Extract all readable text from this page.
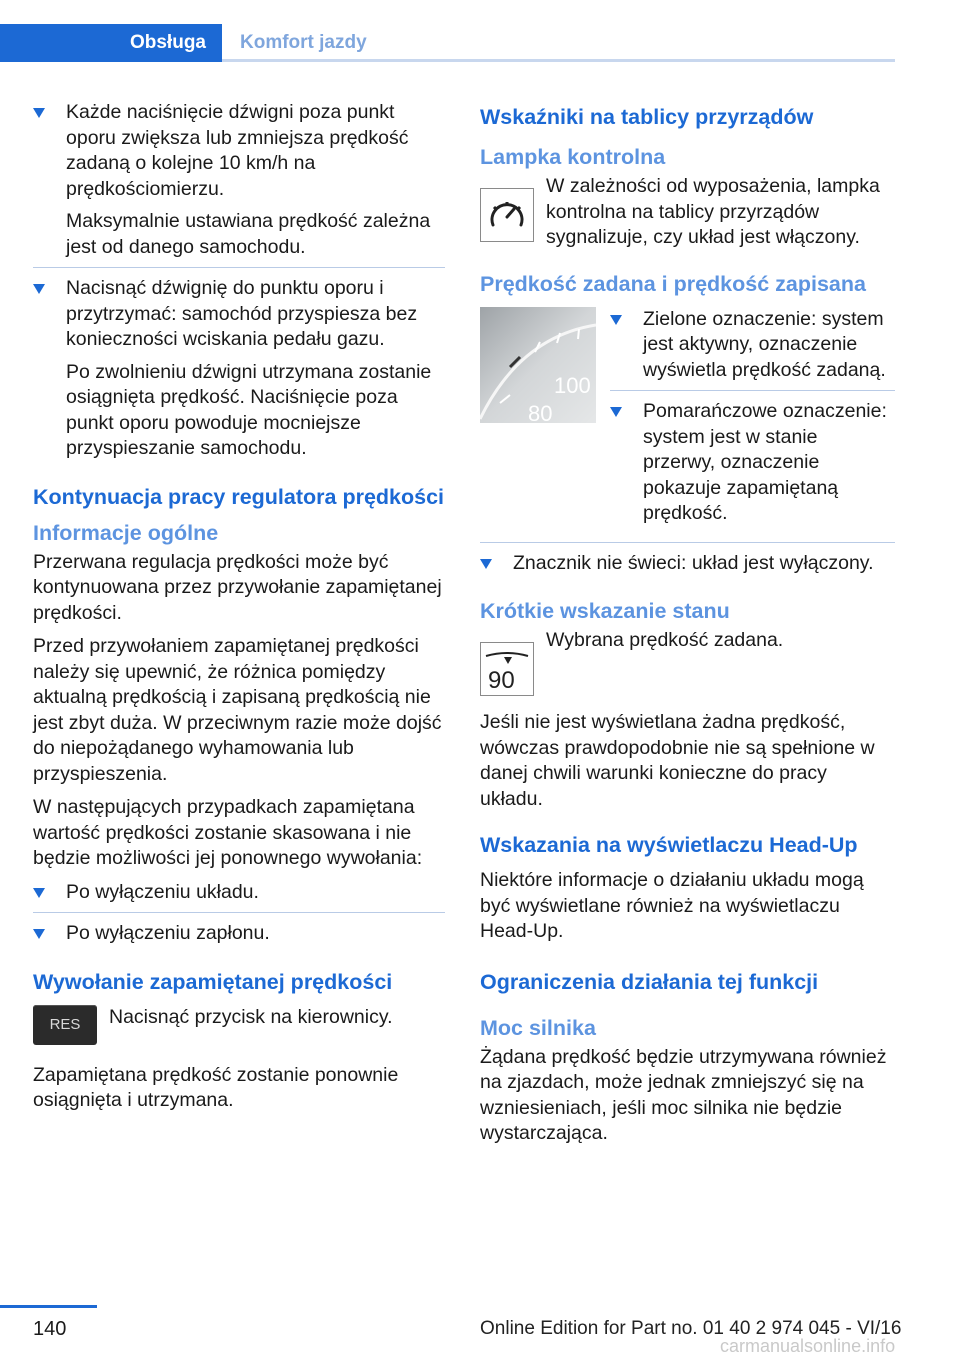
Obsługa	Komfort jazdy

Każde naciśnięcie dźwigni poza punkt oporu zwiększa lub zmniejsza prędkość zadaną o kolejne 10 km/h na prędkościomierzu.

Maksymalnie ustawiana prędkość zależna jest od danego samochodu.

Nacisnąć dźwignię do punktu oporu i przytrzymać: samochód przyspiesza bez konieczności wciskania pedału gazu.

Po zwolnieniu dźwigni utrzymana zostanie osiągnięta prędkość. Naciśnięcie poza punkt oporu powoduje mocniejsze przyspieszanie samochodu.

Kontynuacja pracy regulatora prędkości
Informacje ogólne

Przerwana regulacja prędkości może być kontynuowana przez przywołanie zapamiętanej prędkości.

Przed przywołaniem zapamiętanej prędkości należy się upewnić, że różnica pomiędzy aktualną prędkością i zapisaną prędkością nie jest zbyt duża. W przeciwnym razie może dojść do niepożądanego wyhamowania lub przyspieszenia.

W następujących przypadkach zapamiętana wartość prędkości zostanie skasowana i nie będzie możliwości jej ponownego wywołania:

Po wyłączeniu układu.

Po wyłączeniu zapłonu.

Wywołanie zapamiętanej prędkości
RES	Nacisnąć przycisk na kierownicy.

Zapamiętana prędkość zostanie ponownie osiągnięta i utrzymana.

Wskaźniki na tablicy przyrządów
Lampka kontrolna
W zależności od wyposażenia, lampka kontrolna na tablicy przyrządów sygnalizuje, czy układ jest włączony.
Prędkość zadana i prędkość zapisana
100
80

Zielone oznaczenie: system jest aktywny, oznaczenie wyświetla prędkość zadaną.

Pomarańczowe oznaczenie: system jest w stanie przerwy, oznaczenie pokazuje zapamiętaną prędkość.

Znacznik nie świeci: układ jest wyłączony.

Krótkie wskazanie stanu
90
Wybrana prędkość zadana.

Jeśli nie jest wyświetlana żadna prędkość, wówczas prawdopodobnie nie są spełnione w danej chwili warunki konieczne do pracy układu.

Wskazania na wyświetlaczu Head-Up

Niektóre informacje o działaniu układu mogą być wyświetlane również na wyświetlaczu Head-Up.

Ograniczenia działania tej funkcji
Moc silnika

Żądana prędkość będzie utrzymywana również na zjazdach, może jednak zmniejszyć się na wzniesieniach, jeśli moc silnika nie będzie wystarczająca.

140	Online Edition for Part no. 01 40 2 974 045 - VI/16
carmanualsonline.info
